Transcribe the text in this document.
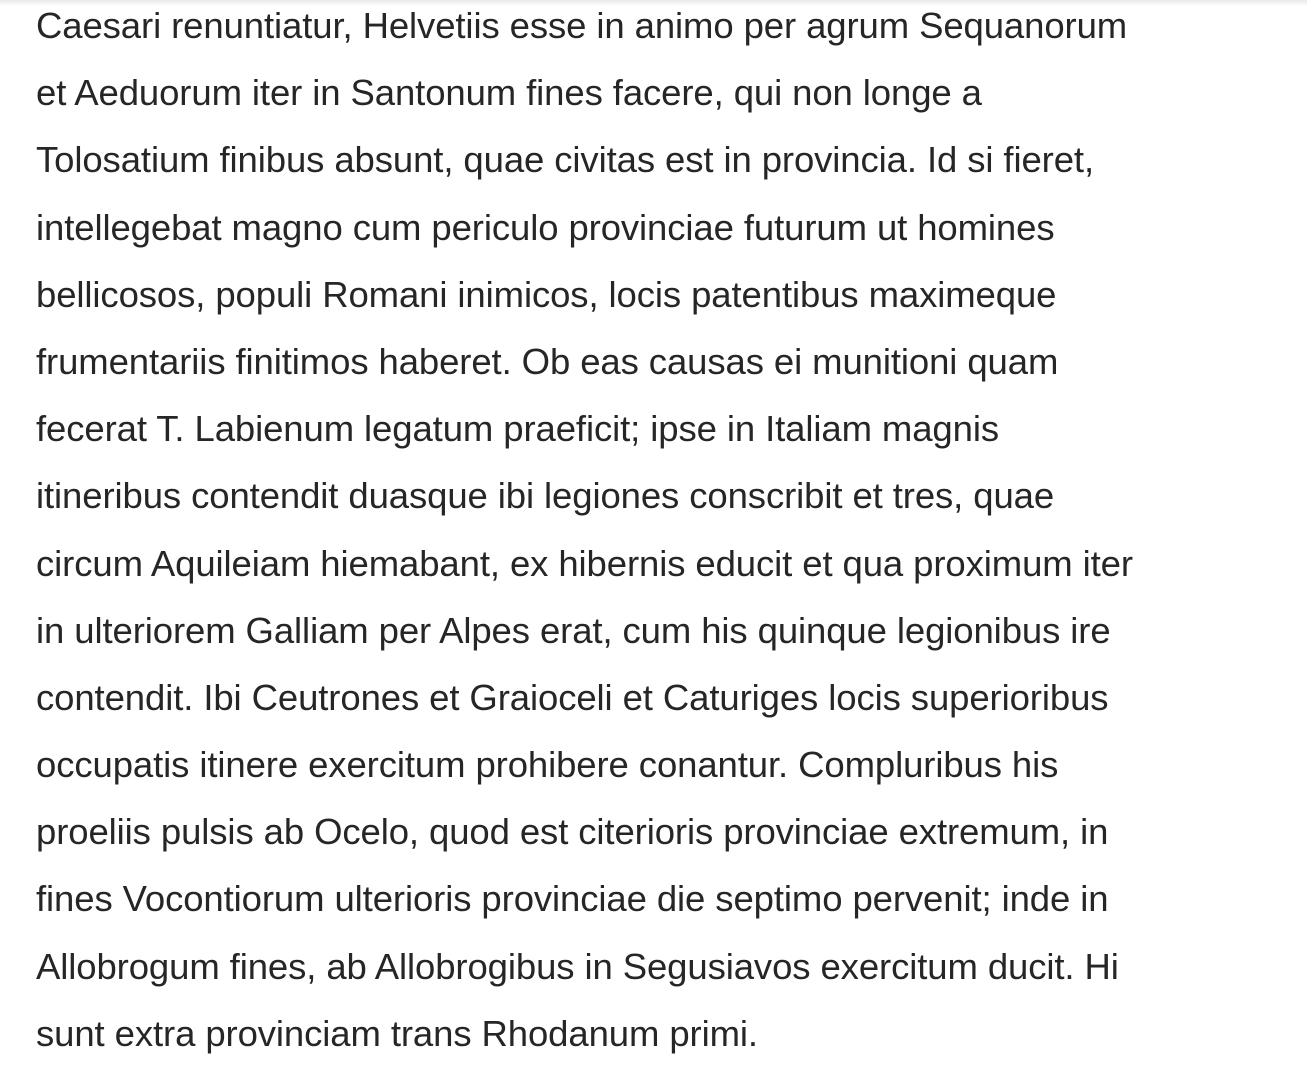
Caesari renuntiatur, Helvetiis esse in animo per agrum Sequanorum
et Aeduorum iter in Santonum fines facere, qui non longe a
Tolosatium finibus absunt, quae civitas est in provincia. Id si fieret,
intellegebat magno cum periculo provinciae futurum ut homines
bellicosos, populi Romani inimicos, locis patentibus maximeque
frumentariis finitimos haberet. Ob eas causas ei munitioni quam
fecerat T. Labienum legatum praeficit; ipse in Italiam magnis
itineribus contendit duasque ibi legiones conscribit et tres, quae
circum Aquileiam hiemabant, ex hibernis educit et qua proximum iter
in ulteriorem Galliam per Alpes erat, cum his quinque legionibus ire
contendit. Ibi Ceutrones et Graioceli et Caturiges locis superioribus
occupatis itinere exercitum prohibere conantur. Compluribus his
proeliis pulsis ab Ocelo, quod est citerioris provinciae extremum, in
fines Vocontiorum ulterioris provinciae die septimo pervenit; inde in
Allobrogum fines, ab Allobrogibus in Segusiavos exercitum ducit. Hi
sunt extra provinciam trans Rhodanum primi.
